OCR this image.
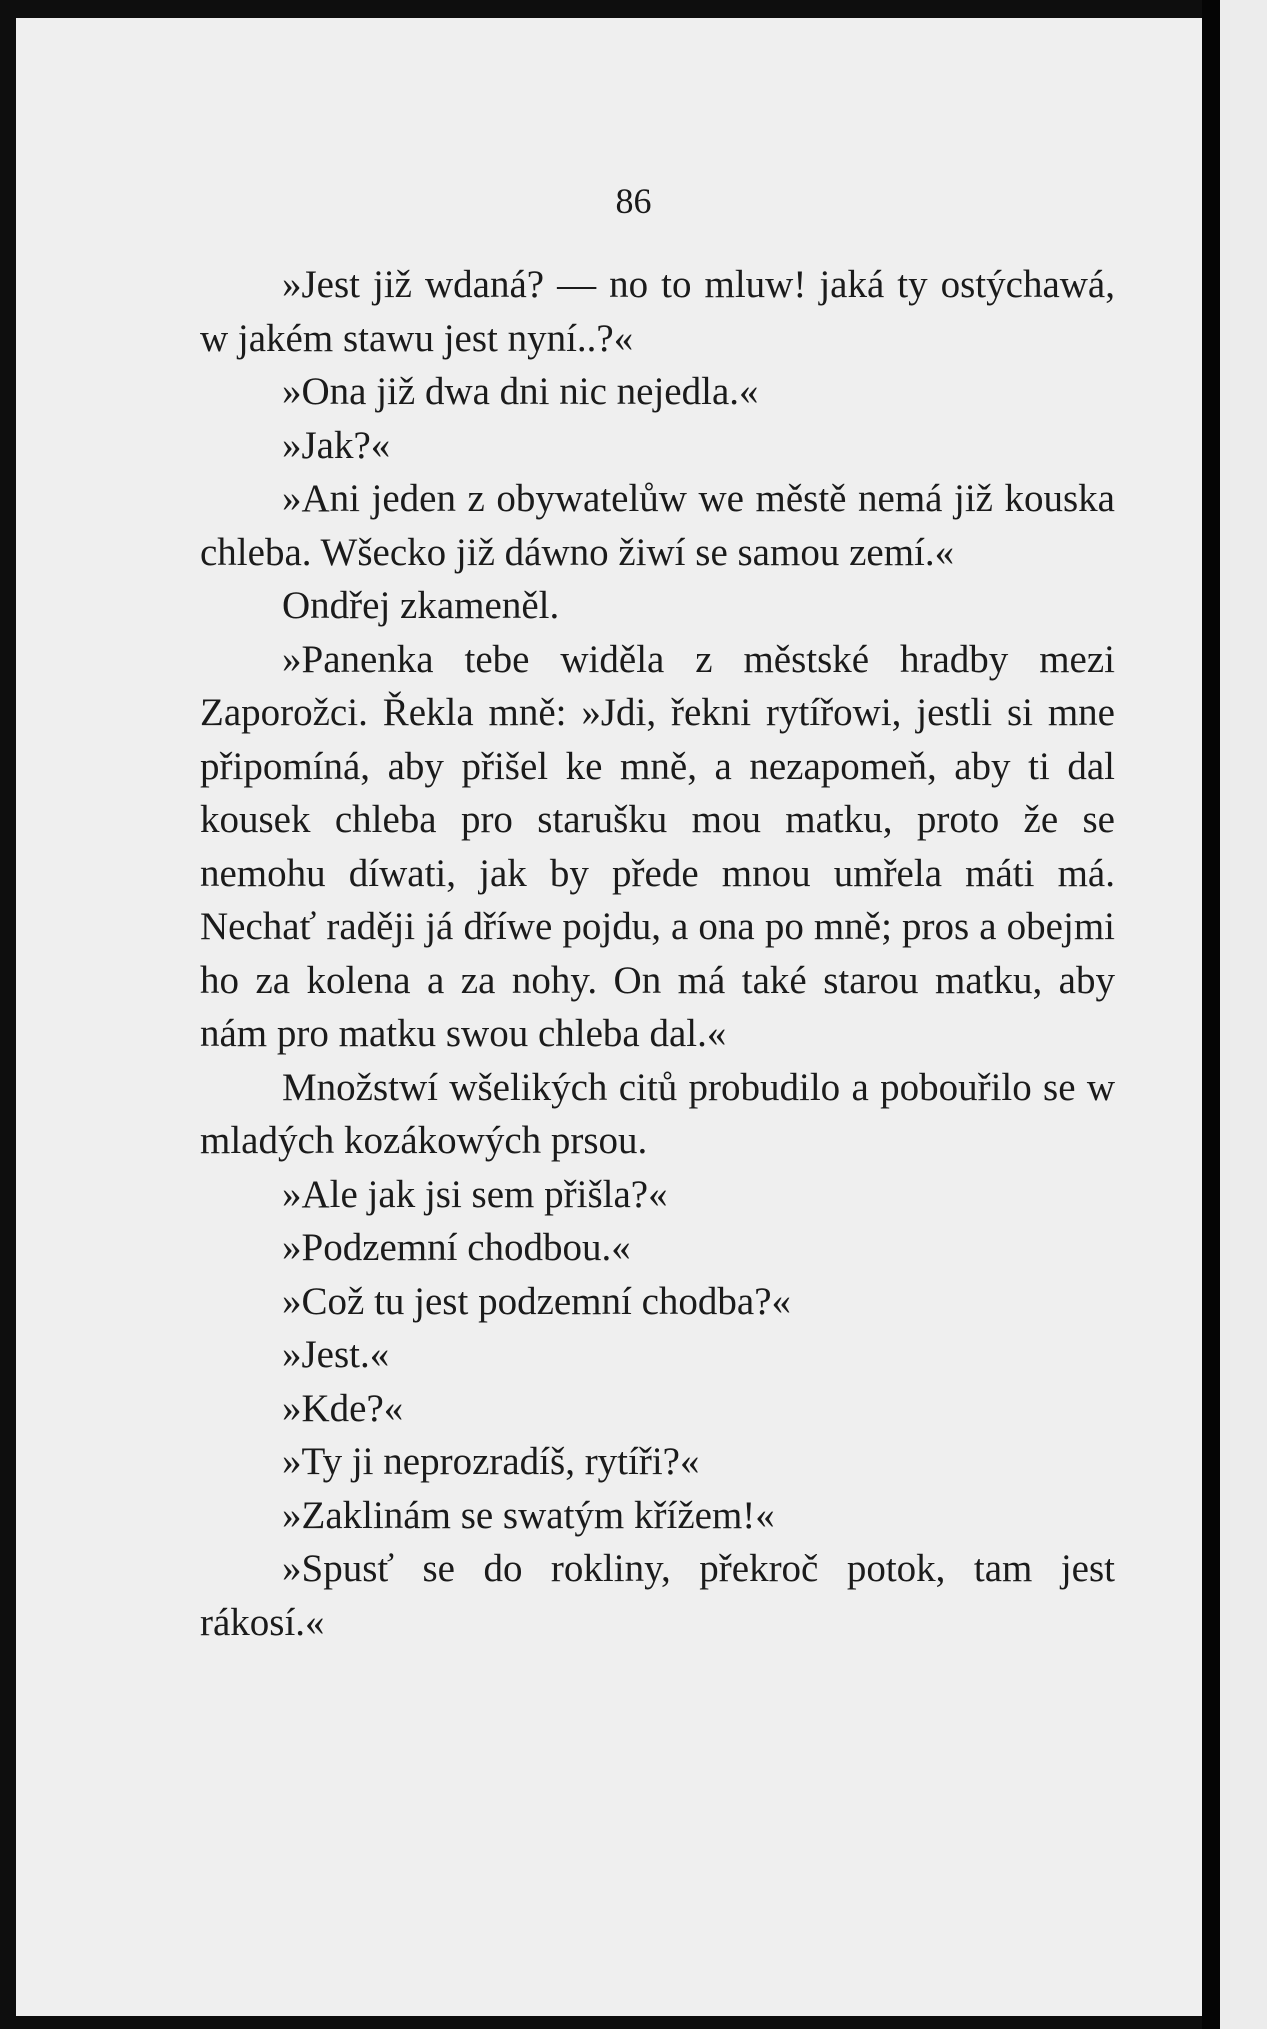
86

»Jest již wdaná? — no to mluw! jaká ty ostýchawá, w jakém stawu jest nyní..?«

»Ona již dwa dni nic nejedla.«

»Jak?«

»Ani jeden z obywatelůw we městě nemá již kouska chleba. Wšecko již dáwno žiwí se samou zemí.«

Ondřej zkameněl.

»Panenka tebe widěla z městské hradby mezi Zaporožci. Řekla mně: »Jdi, řekni rytířowi, jestli si mne připomíná, aby přišel ke mně, a nezapomeň, aby ti dal kousek chleba pro starušku mou matku, proto že se nemohu díwati, jak by přede mnou umřela máti má. Nechať raději já dříwe pojdu, a ona po mně; pros a obejmi ho za kolena a za nohy. On má také starou matku, aby nám pro matku swou chleba dal.«

Množstwí wšelikých citů probudilo a pobouřilo se w mladých kozákowých prsou.

»Ale jak jsi sem přišla?«

»Podzemní chodbou.«

»Což tu jest podzemní chodba?«

»Jest.«

»Kde?«

»Ty ji neprozradíš, rytíři?«

»Zaklinám se swatým křížem!«

»Spusť se do rokliny, překroč potok, tam jest rákosí.«
